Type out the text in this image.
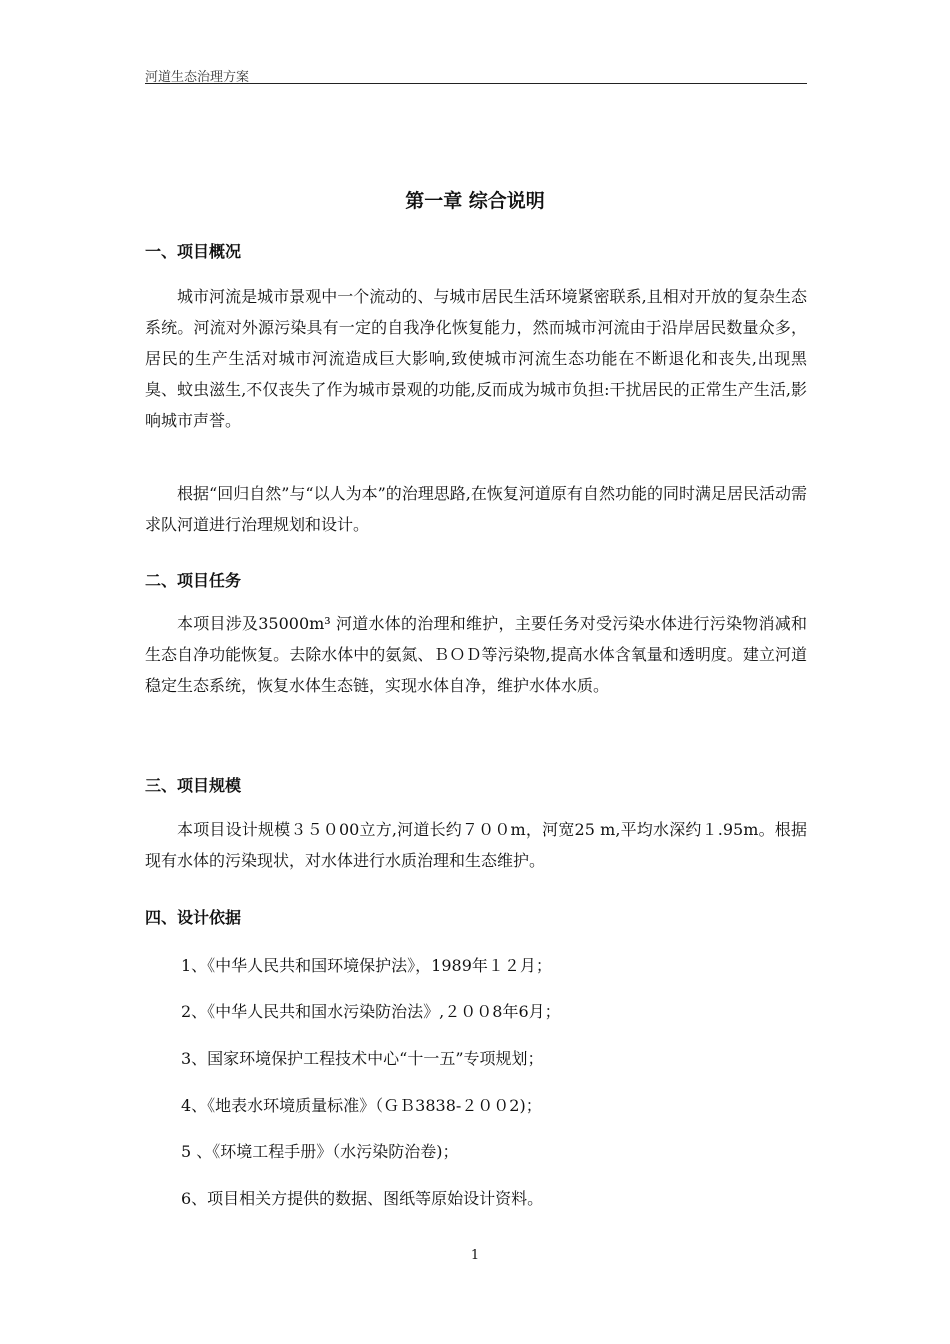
河道生态治理方案
第一章 综合说明
一、项目概况

城市河流是城市景观中一个流动的、与城市居民生活环境紧密联系,且相对开放的复杂生态系统。河流对外源污染具有一定的自我净化恢复能力，然而城市河流由于沿岸居民数量众多，居民的生产生活对城市河流造成巨大影响,致使城市河流生态功能在不断退化和丧失,出现黑臭、蚊虫滋生,不仅丧失了作为城市景观的功能,反而成为城市负担:干扰居民的正常生产生活,影响城市声誉。

根据“回归自然”与“以人为本”的治理思路,在恢复河道原有自然功能的同时满足居民活动需求队河道进行治理规划和设计。

二、项目任务

本项目涉及35000m³ 河道水体的治理和维护，主要任务对受污染水体进行污染物消减和生态自净功能恢复。去除水体中的氨氮、ＢＯＤ等污染物,提高水体含氧量和透明度。建立河道稳定生态系统，恢复水体生态链，实现水体自净，维护水体水质。

三、项目规模

本项目设计规模３５０00立方,河道长约７００m，河宽25 m,平均水深约１.95m。根据现有水体的污染现状，对水体进行水质治理和生态维护。

四、设计依据
1、《中华人民共和国环境保护法》，1989年１２月；
2、《中华人民共和国水污染防治法》,２００8年6月；
3、国家环境保护工程技术中心“十一五”专项规划；
4、《地表水环境质量标准》（ＧＢ3838-２００2)；
5 、《环境工程手册》（水污染防治卷)；
6、项目相关方提供的数据、图纸等原始设计资料。
1
